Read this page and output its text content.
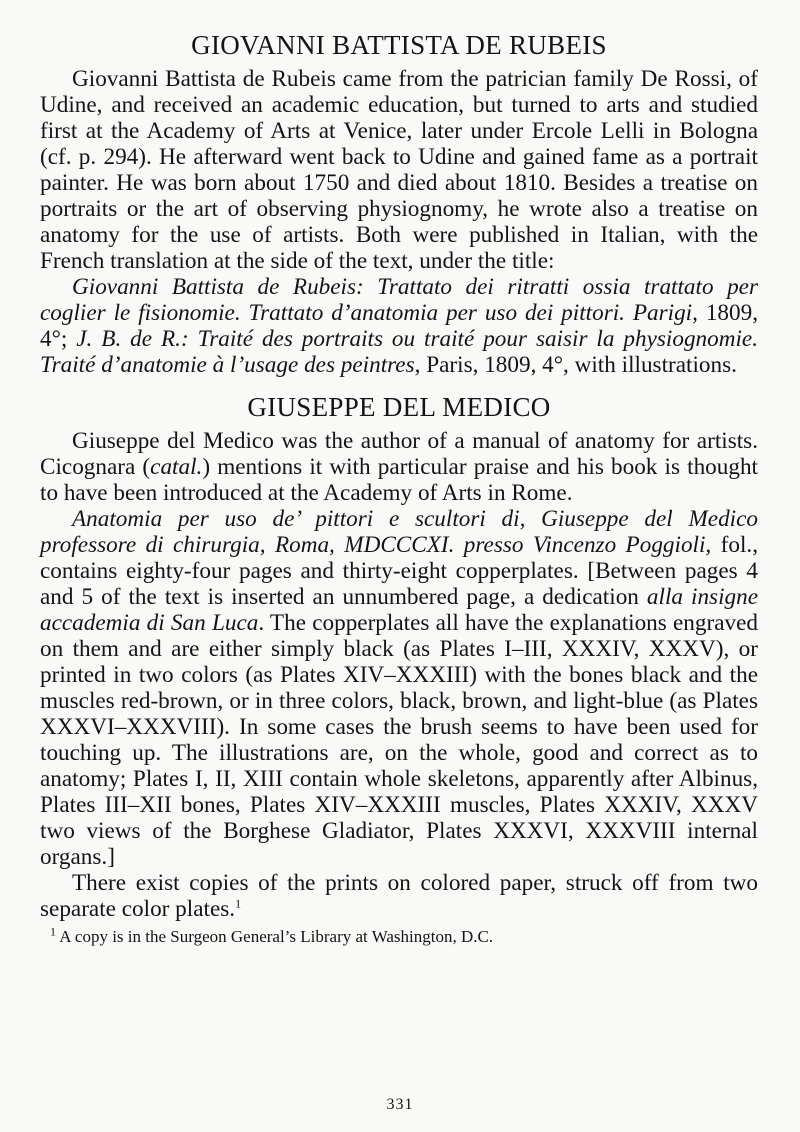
GIOVANNI BATTISTA DE RUBEIS

Giovanni Battista de Rubeis came from the patrician family De Rossi, of Udine, and received an academic education, but turned to arts and studied first at the Academy of Arts at Venice, later under Ercole Lelli in Bologna (cf. p. 294). He afterward went back to Udine and gained fame as a portrait painter. He was born about 1750 and died about 1810. Besides a treatise on portraits or the art of observing physiognomy, he wrote also a treatise on anatomy for the use of artists. Both were published in Italian, with the French translation at the side of the text, under the title:

Giovanni Battista de Rubeis: Trattato dei ritratti ossia trattato per coglier le fisionomie. Trattato d’anatomia per uso dei pittori. Parigi, 1809, 4°; J. B. de R.: Traité des portraits ou traité pour saisir la physiognomie. Traité d’anatomie à l’usage des peintres, Paris, 1809, 4°, with illustrations.

GIUSEPPE DEL MEDICO

Giuseppe del Medico was the author of a manual of anatomy for artists. Cicognara (catal.) mentions it with particular praise and his book is thought to have been introduced at the Academy of Arts in Rome.

Anatomia per uso de’ pittori e scultori di, Giuseppe del Medico professore di chirurgia, Roma, MDCCCXI. presso Vincenzo Poggioli, fol., contains eighty-four pages and thirty-eight copperplates. [Between pages 4 and 5 of the text is inserted an unnumbered page, a dedication alla insigne accademia di San Luca. The copperplates all have the explanations engraved on them and are either simply black (as Plates I–III, XXXIV, XXXV), or printed in two colors (as Plates XIV–XXXIII) with the bones black and the muscles red-brown, or in three colors, black, brown, and light-blue (as Plates XXXVI–XXXVIII). In some cases the brush seems to have been used for touching up. The illustrations are, on the whole, good and correct as to anatomy; Plates I, II, XIII contain whole skeletons, apparently after Albinus, Plates III–XII bones, Plates XIV–XXXIII muscles, Plates XXXIV, XXXV two views of the Borghese Gladiator, Plates XXXVI, XXXVIII internal organs.]

There exist copies of the prints on colored paper, struck off from two separate color plates.$^1$

$^1$ A copy is in the Surgeon General’s Library at Washington, D.C.
331
